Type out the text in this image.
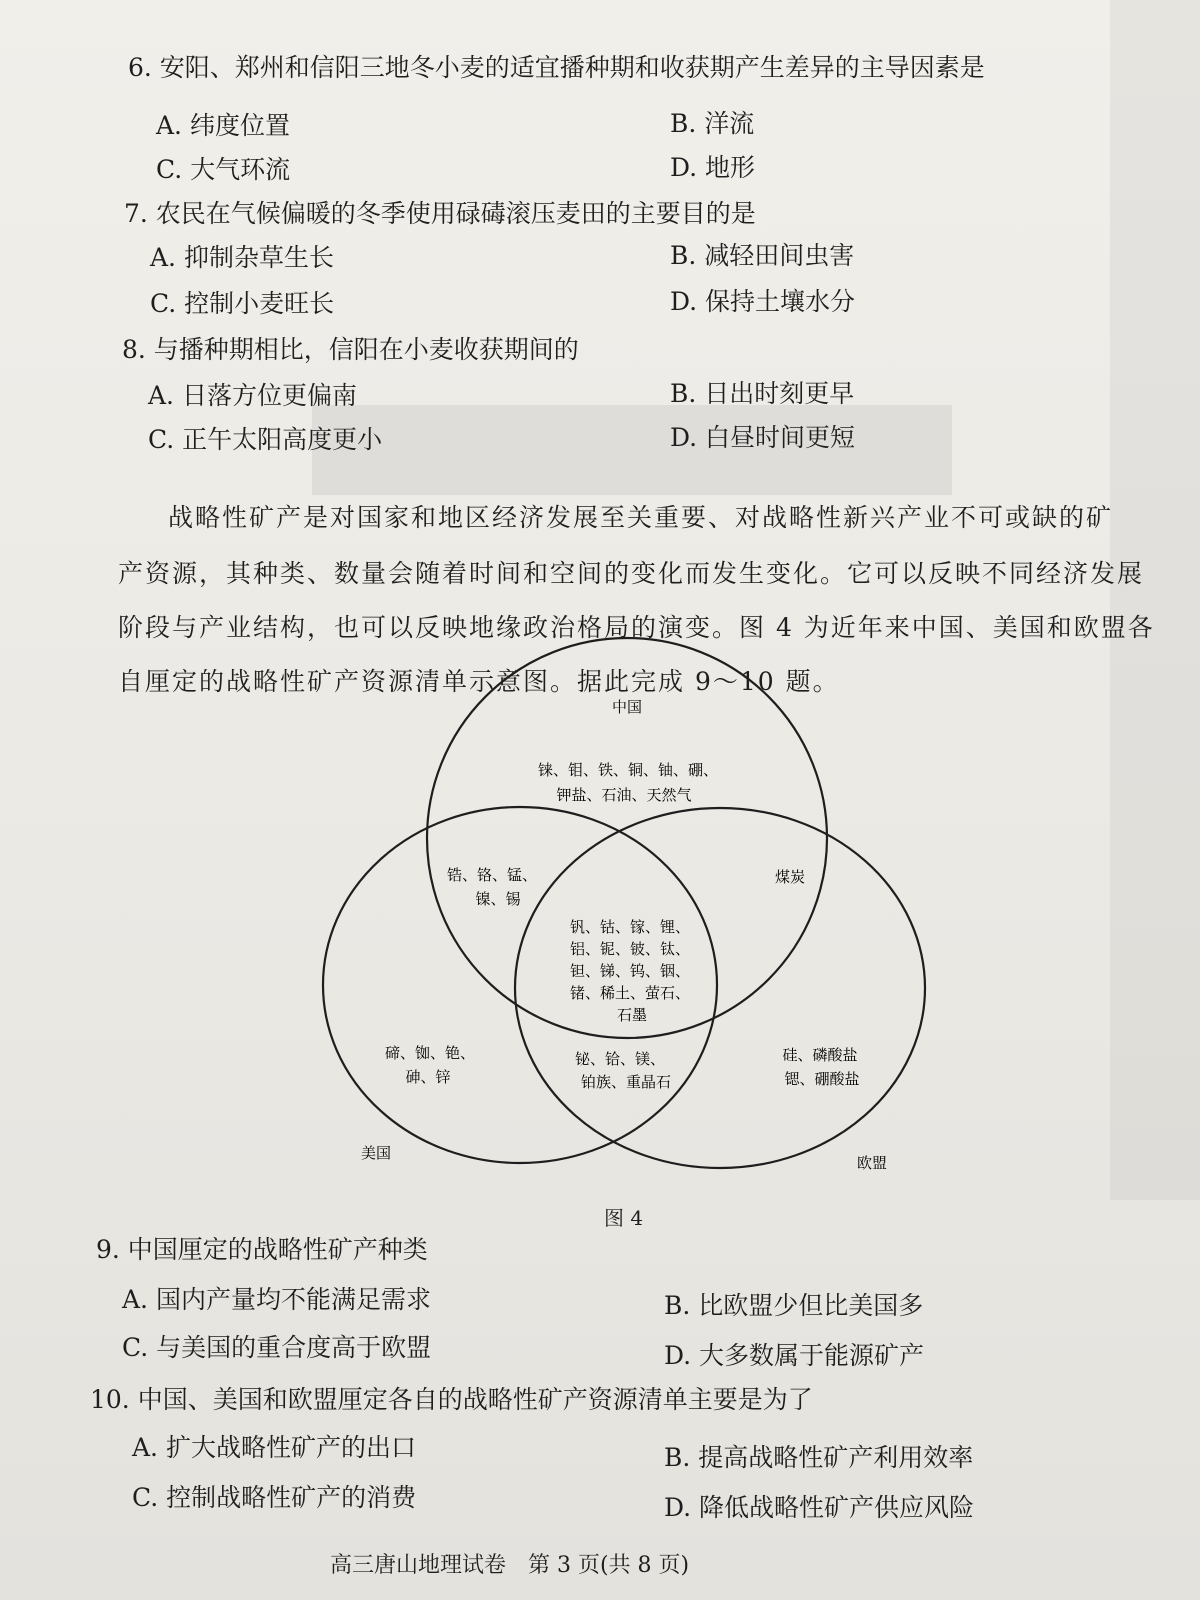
6. 安阳、郑州和信阳三地冬小麦的适宜播种期和收获期产生差异的主导因素是
A. 纬度位置	B. 洋流
C. 大气环流	D. 地形
7. 农民在气候偏暖的冬季使用碌碡滚压麦田的主要目的是
A. 抑制杂草生长	B. 减轻田间虫害
C. 控制小麦旺长	D. 保持土壤水分
8. 与播种期相比，信阳在小麦收获期间的
A. 日落方位更偏南	B. 日出时刻更早
C. 正午太阳高度更小	D. 白昼时间更短
战略性矿产是对国家和地区经济发展至关重要、对战略性新兴产业不可或缺的矿
产资源，其种类、数量会随着时间和空间的变化而发生变化。它可以反映不同经济发展
阶段与产业结构，也可以反映地缘政治格局的演变。图 4 为近年来中国、美国和欧盟各
自厘定的战略性矿产资源清单示意图。据此完成 9～10 题。
中国
美国
欧盟
铼、钼、铁、铜、铀、硼、
钾盐、石油、天然气
锆、铬、锰、
镍、锡
煤炭
钒、钴、镓、锂、
铝、铌、铍、钛、
钽、锑、钨、铟、
锗、稀土、萤石、
石墨
碲、铷、铯、
砷、锌
铋、铪、镁、
铂族、重晶石
硅、磷酸盐
锶、硼酸盐
图 4
9. 中国厘定的战略性矿产种类
A. 国内产量均不能满足需求	B. 比欧盟少但比美国多
C. 与美国的重合度高于欧盟	D. 大多数属于能源矿产
10. 中国、美国和欧盟厘定各自的战略性矿产资源清单主要是为了
A. 扩大战略性矿产的出口	B. 提高战略性矿产利用效率
C. 控制战略性矿产的消费	D. 降低战略性矿产供应风险
高三唐山地理试卷　第 3 页(共 8 页)
